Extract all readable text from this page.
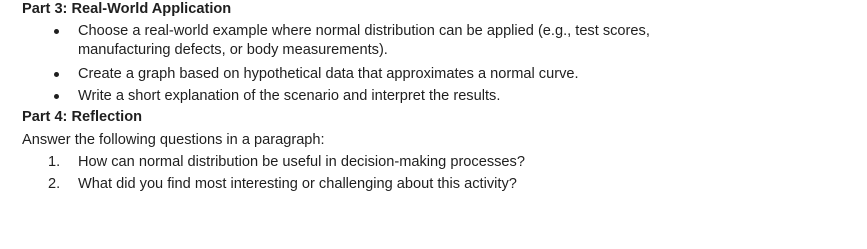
Part 3: Real-World Application
Choose a real-world example where normal distribution can be applied (e.g., test scores,
manufacturing defects, or body measurements).
Create a graph based on hypothetical data that approximates a normal curve.
Write a short explanation of the scenario and interpret the results.
Part 4: Reflection
Answer the following questions in a paragraph:
1. How can normal distribution be useful in decision-making processes?
2. What did you find most interesting or challenging about this activity?
